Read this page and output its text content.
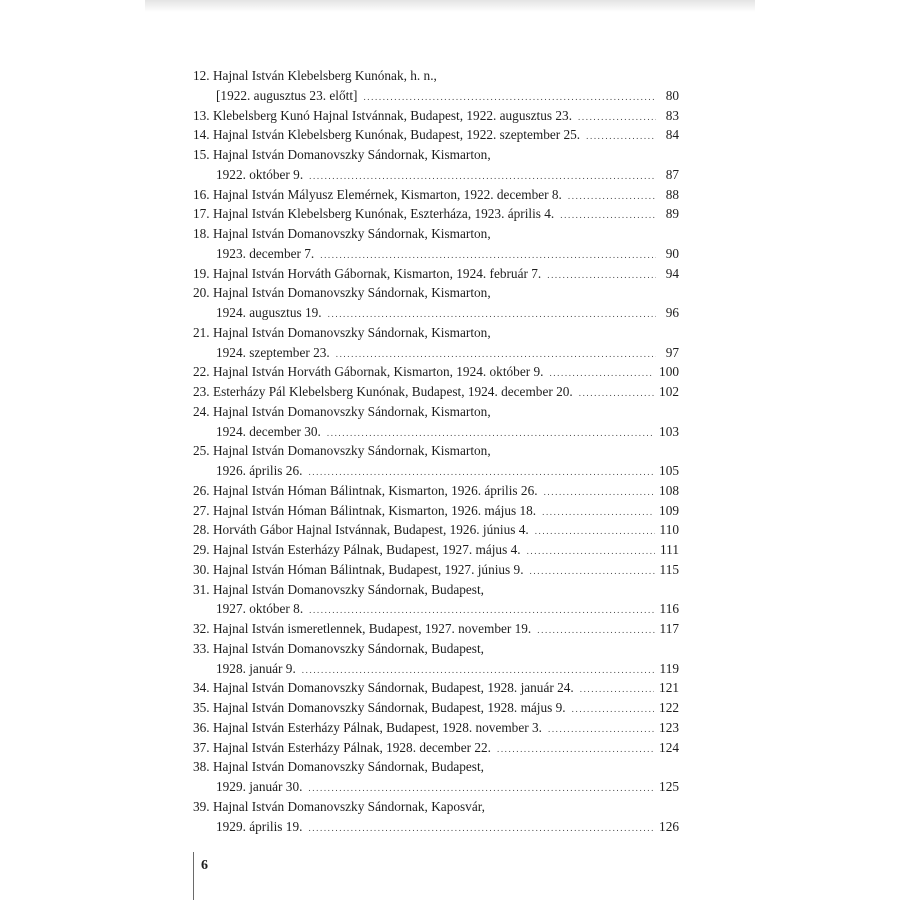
12. Hajnal István Klebelsberg Kunónak, h. n.,
[1922. augusztus 23. előtt] .....	80
13. Klebelsberg Kunó Hajnal Istvánnak, Budapest, 1922. augusztus 23. .....	83
14. Hajnal István Klebelsberg Kunónak, Budapest, 1922. szeptember 25. .....	84
15. Hajnal István Domanovszky Sándornak, Kismarton,
1922. október 9. .....	87
16. Hajnal István Mályusz Elemérnek, Kismarton, 1922. december 8. .....	88
17. Hajnal István Klebelsberg Kunónak, Eszterháza, 1923. április 4. .....	89
18. Hajnal István Domanovszky Sándornak, Kismarton,
1923. december 7. .....	90
19. Hajnal István Horváth Gábornak, Kismarton, 1924. február 7. .....	94
20. Hajnal István Domanovszky Sándornak, Kismarton,
1924. augusztus 19. .....	96
21. Hajnal István Domanovszky Sándornak, Kismarton,
1924. szeptember 23. .....	97
22. Hajnal István Horváth Gábornak, Kismarton, 1924. október 9. .....	100
23. Esterházy Pál Klebelsberg Kunónak, Budapest, 1924. december 20. .....	102
24. Hajnal István Domanovszky Sándornak, Kismarton,
1924. december 30. .....	103
25. Hajnal István Domanovszky Sándornak, Kismarton,
1926. április 26. .....	105
26. Hajnal István Hóman Bálintnak, Kismarton, 1926. április 26. .....	108
27. Hajnal István Hóman Bálintnak, Kismarton, 1926. május 18. .....	109
28. Horváth Gábor Hajnal Istvánnak, Budapest, 1926. június 4. .....	110
29. Hajnal István Esterházy Pálnak, Budapest, 1927. május 4. .....	111
30. Hajnal István Hóman Bálintnak, Budapest, 1927. június 9. .....	115
31. Hajnal István Domanovszky Sándornak, Budapest,
1927. október 8. .....	116
32. Hajnal István ismeretlennek, Budapest, 1927. november 19. .....	117
33. Hajnal István Domanovszky Sándornak, Budapest,
1928. január 9. .....	119
34. Hajnal István Domanovszky Sándornak, Budapest, 1928. január 24. .....	121
35. Hajnal István Domanovszky Sándornak, Budapest, 1928. május 9. .....	122
36. Hajnal István Esterházy Pálnak, Budapest, 1928. november 3. .....	123
37. Hajnal István Esterházy Pálnak, 1928. december 22. .....	124
38. Hajnal István Domanovszky Sándornak, Budapest,
1929. január 30. .....	125
39. Hajnal István Domanovszky Sándornak, Kaposvár,
1929. április 19. .....	126
6
